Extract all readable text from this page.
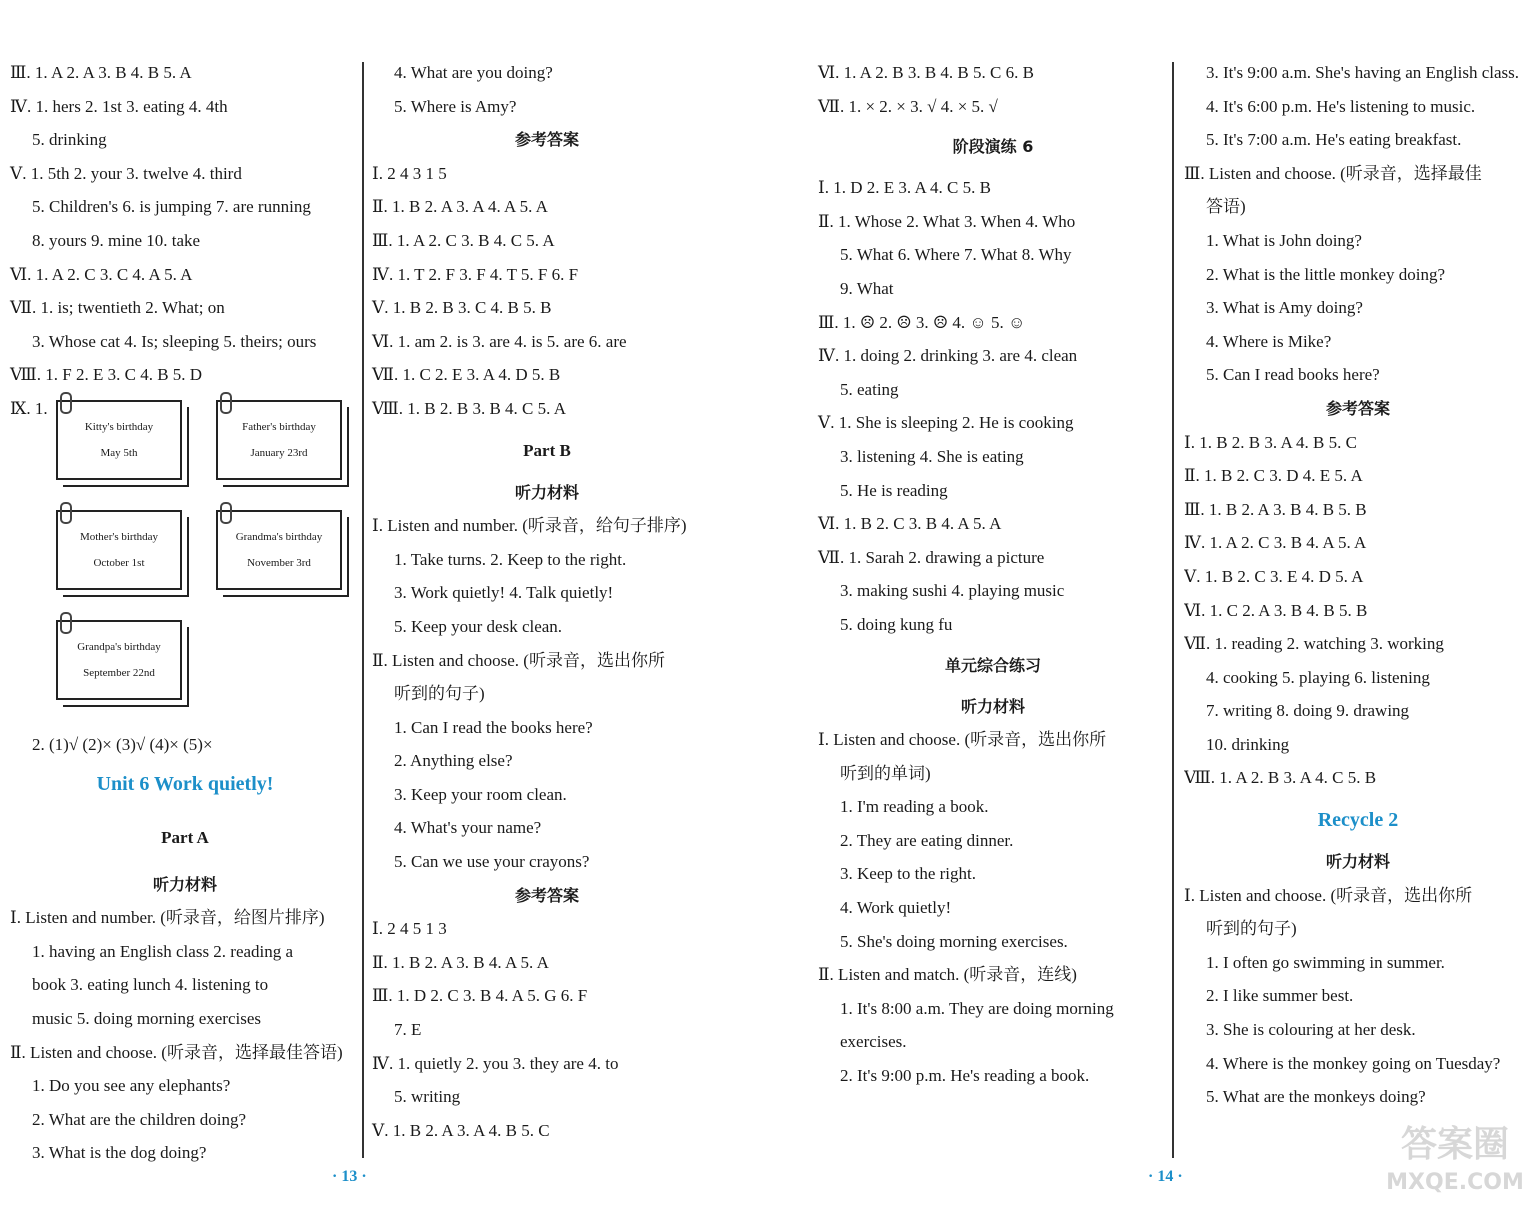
Ⅲ. 1. A 2. A 3. B 4. B 5. A
Ⅳ. 1. hers 2. 1st 3. eating 4. 4th
5. drinking
Ⅴ. 1. 5th 2. your 3. twelve 4. third
5. Children's 6. is jumping 7. are running
8. yours 9. mine 10. take
Ⅵ. 1. A 2. C 3. C 4. A 5. A
Ⅶ. 1. is; twentieth 2. What; on
3. Whose cat 4. Is; sleeping 5. theirs; ours
Ⅷ. 1. F 2. E 3. C 4. B 5. D
Ⅸ. 1.
Kitty's birthday
May 5th
Father's birthday
January 23rd
Mother's birthday
October 1st
Grandma's birthday
November 3rd
Grandpa's birthday
September 22nd
2. (1)√ (2)× (3)√ (4)× (5)×
Unit 6 Work quietly!
Part A
听力材料
Ⅰ. Listen and number. (听录音，给图片排序)
1. having an English class 2. reading a
book 3. eating lunch 4. listening to
music 5. doing morning exercises
Ⅱ. Listen and choose. (听录音，选择最佳答语)
1. Do you see any elephants?
2. What are the children doing?
3. What is the dog doing?
4. What are you doing?
5. Where is Amy?
参考答案
Ⅰ. 2 4 3 1 5
Ⅱ. 1. B 2. A 3. A 4. A 5. A
Ⅲ. 1. A 2. C 3. B 4. C 5. A
Ⅳ. 1. T 2. F 3. F 4. T 5. F 6. F
Ⅴ. 1. B 2. B 3. C 4. B 5. B
Ⅵ. 1. am 2. is 3. are 4. is 5. are 6. are
Ⅶ. 1. C 2. E 3. A 4. D 5. B
Ⅷ. 1. B 2. B 3. B 4. C 5. A
Part B
听力材料
Ⅰ. Listen and number. (听录音，给句子排序)
1. Take turns. 2. Keep to the right.
3. Work quietly! 4. Talk quietly!
5. Keep your desk clean.
Ⅱ. Listen and choose. (听录音，选出你所
听到的句子)
1. Can I read the books here?
2. Anything else?
3. Keep your room clean.
4. What's your name?
5. Can we use your crayons?
参考答案
Ⅰ. 2 4 5 1 3
Ⅱ. 1. B 2. A 3. B 4. A 5. A
Ⅲ. 1. D 2. C 3. B 4. A 5. G 6. F
7. E
Ⅳ. 1. quietly 2. you 3. they are 4. to
5. writing
Ⅴ. 1. B 2. A 3. A 4. B 5. C
· 13 ·
Ⅵ. 1. A 2. B 3. B 4. B 5. C 6. B
Ⅶ. 1. × 2. × 3. √ 4. × 5. √
阶段演练 6
Ⅰ. 1. D 2. E 3. A 4. C 5. B
Ⅱ. 1. Whose 2. What 3. When 4. Who
5. What 6. Where 7. What 8. Why
9. What
Ⅲ. 1. ☹ 2. ☹ 3. ☹ 4. ☺ 5. ☺
Ⅳ. 1. doing 2. drinking 3. are 4. clean
5. eating
Ⅴ. 1. She is sleeping 2. He is cooking
3. listening 4. She is eating
5. He is reading
Ⅵ. 1. B 2. C 3. B 4. A 5. A
Ⅶ. 1. Sarah 2. drawing a picture
3. making sushi 4. playing music
5. doing kung fu
单元综合练习
听力材料
Ⅰ. Listen and choose. (听录音，选出你所
听到的单词)
1. I'm reading a book.
2. They are eating dinner.
3. Keep to the right.
4. Work quietly!
5. She's doing morning exercises.
Ⅱ. Listen and match. (听录音，连线)
1. It's 8:00 a.m. They are doing morning
exercises.
2. It's 9:00 p.m. He's reading a book.
3. It's 9:00 a.m. She's having an English class.
4. It's 6:00 p.m. He's listening to music.
5. It's 7:00 a.m. He's eating breakfast.
Ⅲ. Listen and choose. (听录音，选择最佳
答语)
1. What is John doing?
2. What is the little monkey doing?
3. What is Amy doing?
4. Where is Mike?
5. Can I read books here?
参考答案
Ⅰ. 1. B 2. B 3. A 4. B 5. C
Ⅱ. 1. B 2. C 3. D 4. E 5. A
Ⅲ. 1. B 2. A 3. B 4. B 5. B
Ⅳ. 1. A 2. C 3. B 4. A 5. A
Ⅴ. 1. B 2. C 3. E 4. D 5. A
Ⅵ. 1. C 2. A 3. B 4. B 5. B
Ⅶ. 1. reading 2. watching 3. working
4. cooking 5. playing 6. listening
7. writing 8. doing 9. drawing
10. drinking
Ⅷ. 1. A 2. B 3. A 4. C 5. B
Recycle 2
听力材料
Ⅰ. Listen and choose. (听录音，选出你所
听到的句子)
1. I often go swimming in summer.
2. I like summer best.
3. She is colouring at her desk.
4. Where is the monkey going on Tuesday?
5. What are the monkeys doing?
· 14 ·
答案圈
MXQE.COM
